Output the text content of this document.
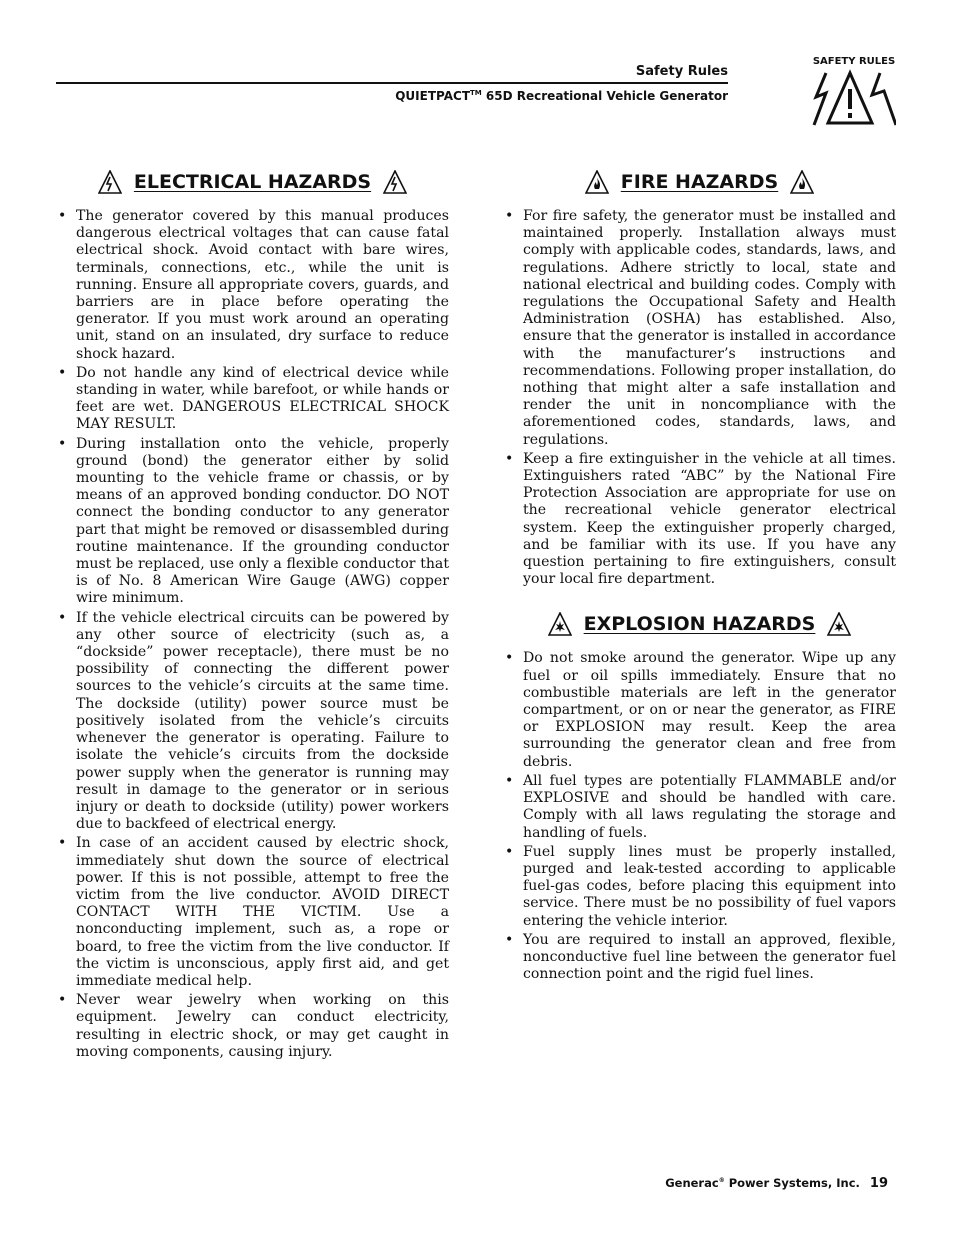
Safety Rules
QUIETPACT™ 65D Recreational Vehicle Generator
SAFETY RULES
ELECTRICAL HAZARDS
• The generator covered by this manual produces dangerous electrical voltages that can cause fatal electrical shock. Avoid contact with bare wires, terminals, connections, etc., while the unit is running. Ensure all appropriate covers, guards, and barriers are in place before operating the generator. If you must work around an operating unit, stand on an insulated, dry surface to reduce shock hazard.
• Do not handle any kind of electrical device while standing in water, while barefoot, or while hands or feet are wet. DANGEROUS ELECTRICAL SHOCK MAY RESULT.
• During installation onto the vehicle, properly ground (bond) the generator either by solid mounting to the vehicle frame or chassis, or by means of an approved bonding conductor. DO NOT connect the bonding conductor to any generator part that might be removed or disassembled during routine maintenance. If the grounding conductor must be replaced, use only a flexible conductor that is of No. 8 American Wire Gauge (AWG) copper wire minimum.
• If the vehicle electrical circuits can be powered by any other source of electricity (such as, a “dockside” power receptacle), there must be no possibility of connecting the different power sources to the vehicle’s circuits at the same time. The dockside (utility) power source must be positively isolated from the vehicle’s circuits whenever the generator is operating. Failure to isolate the vehicle’s circuits from the dockside power supply when the generator is running may result in damage to the generator or in serious injury or death to dockside (utility) power workers due to backfeed of electrical energy.
• In case of an accident caused by electric shock, immediately shut down the source of electrical power. If this is not possible, attempt to free the victim from the live conductor. AVOID DIRECT CONTACT WITH THE VICTIM. Use a nonconducting implement, such as, a rope or board, to free the victim from the live conductor. If the victim is unconscious, apply first aid, and get immediate medical help.
• Never wear jewelry when working on this equipment. Jewelry can conduct electricity, resulting in electric shock, or may get caught in moving components, causing injury.
FIRE HAZARDS
• For fire safety, the generator must be installed and maintained properly. Installation always must comply with applicable codes, standards, laws, and regulations. Adhere strictly to local, state and national electrical and building codes. Comply with regulations the Occupational Safety and Health Administration (OSHA) has established. Also, ensure that the generator is installed in accordance with the manufacturer’s instructions and recommendations. Following proper installation, do nothing that might alter a safe installation and render the unit in noncompliance with the aforementioned codes, standards, laws, and regulations.
• Keep a fire extinguisher in the vehicle at all times. Extinguishers rated “ABC” by the National Fire Protection Association are appropriate for use on the recreational vehicle generator electrical system. Keep the extinguisher properly charged, and be familiar with its use. If you have any question pertaining to fire extinguishers, consult your local fire department.
EXPLOSION HAZARDS
• Do not smoke around the generator. Wipe up any fuel or oil spills immediately. Ensure that no combustible materials are left in the generator compartment, or on or near the generator, as FIRE or EXPLOSION may result. Keep the area surrounding the generator clean and free from debris.
• All fuel types are potentially FLAMMABLE and/or EXPLOSIVE and should be handled with care. Comply with all laws regulating the storage and handling of fuels.
• Fuel supply lines must be properly installed, purged and leak-tested according to applicable fuel-gas codes, before placing this equipment into service. There must be no possibility of fuel vapors entering the vehicle interior.
• You are required to install an approved, flexible, nonconductive fuel line between the generator fuel connection point and the rigid fuel lines.
Generac® Power Systems, Inc. 19
